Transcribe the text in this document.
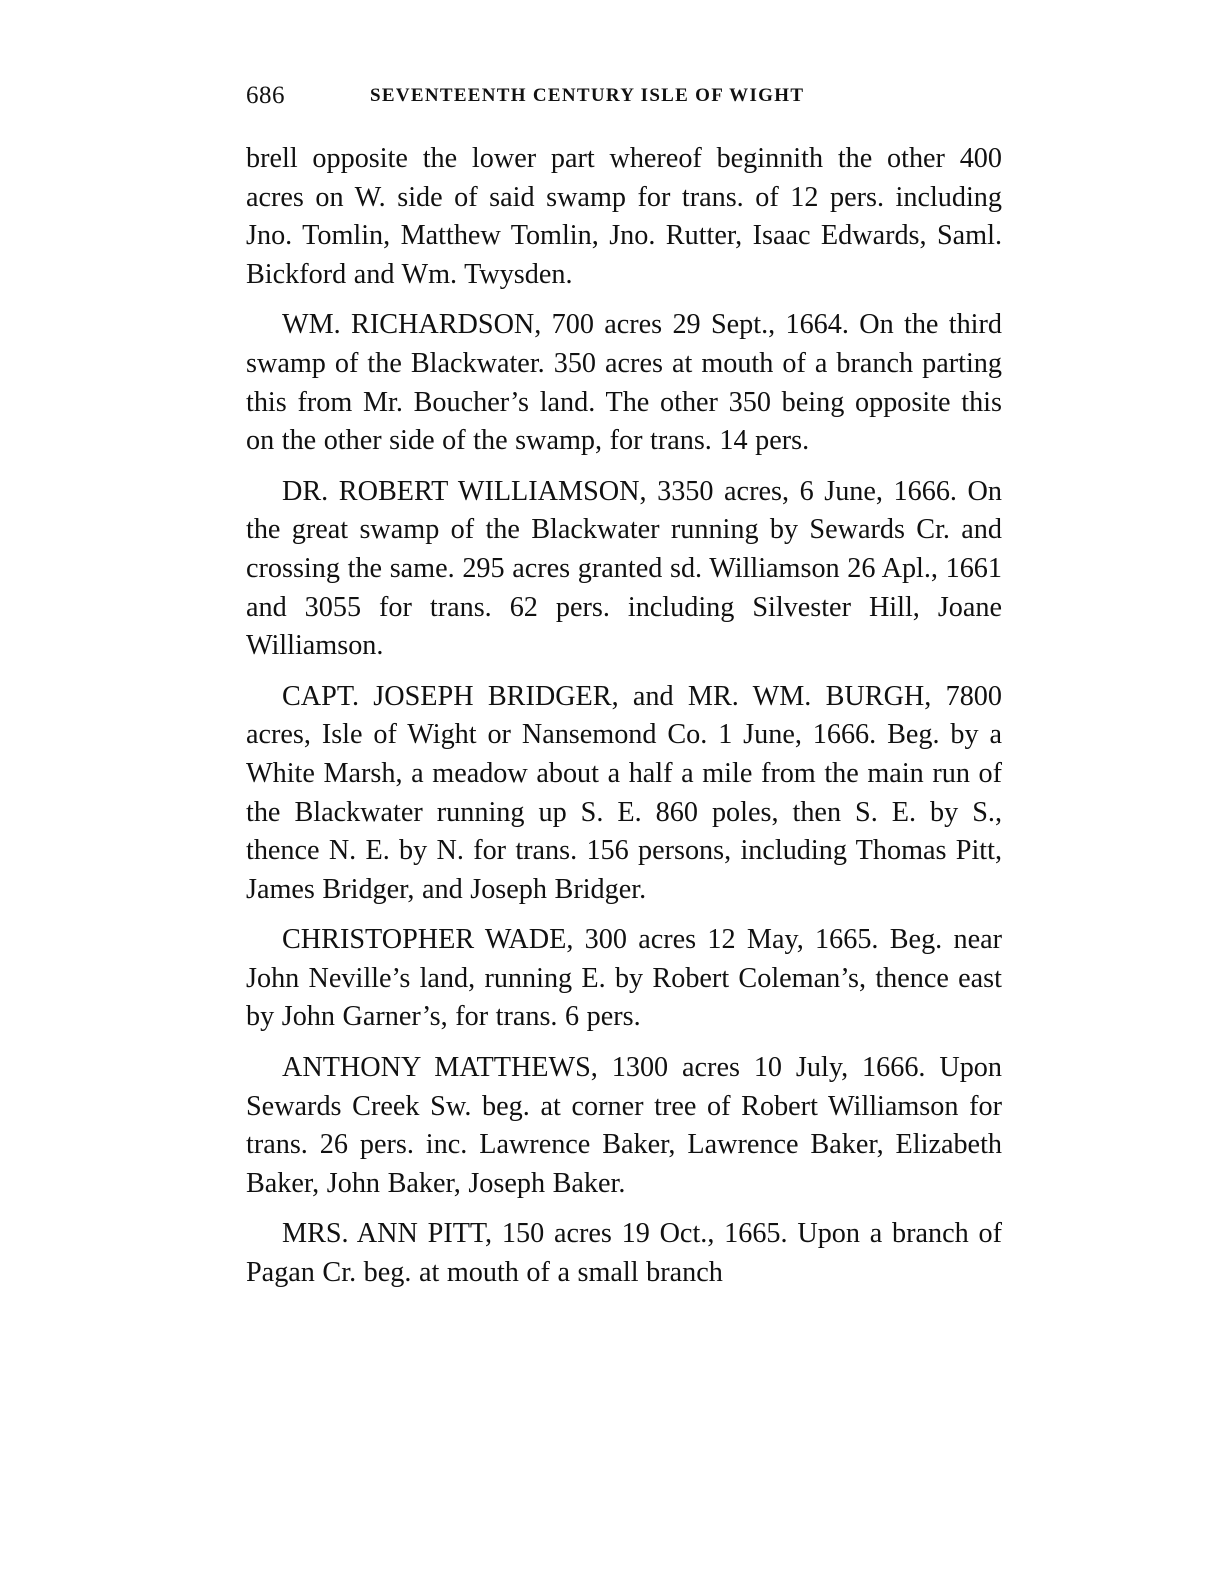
686	SEVENTEENTH CENTURY ISLE OF WIGHT

brell opposite the lower part whereof beginnith the other 400 acres on W. side of said swamp for trans. of 12 pers. including Jno. Tomlin, Matthew Tomlin, Jno. Rutter, Isaac Edwards, Saml. Bickford and Wm. Twysden.

WM. RICHARDSON, 700 acres 29 Sept., 1664. On the third swamp of the Blackwater. 350 acres at mouth of a branch parting this from Mr. Boucher’s land. The other 350 being opposite this on the other side of the swamp, for trans. 14 pers.

DR. ROBERT WILLIAMSON, 3350 acres, 6 June, 1666. On the great swamp of the Blackwater running by Sewards Cr. and crossing the same. 295 acres granted sd. Williamson 26 Apl., 1661 and 3055 for trans. 62 pers. including Silvester Hill, Joane Williamson.

CAPT. JOSEPH BRIDGER, and MR. WM. BURGH, 7800 acres, Isle of Wight or Nansemond Co. 1 June, 1666. Beg. by a White Marsh, a meadow about a half a mile from the main run of the Blackwater running up S. E. 860 poles, then S. E. by S., thence N. E. by N. for trans. 156 persons, including Thomas Pitt, James Bridger, and Joseph Bridger.

CHRISTOPHER WADE, 300 acres 12 May, 1665. Beg. near John Neville’s land, running E. by Robert Coleman’s, thence east by John Garner’s, for trans. 6 pers.

ANTHONY MATTHEWS, 1300 acres 10 July, 1666. Upon Sewards Creek Sw. beg. at corner tree of Robert Williamson for trans. 26 pers. inc. Lawrence Baker, Lawrence Baker, Elizabeth Baker, John Baker, Joseph Baker.

MRS. ANN PITT, 150 acres 19 Oct., 1665. Upon a branch of Pagan Cr. beg. at mouth of a small branch
